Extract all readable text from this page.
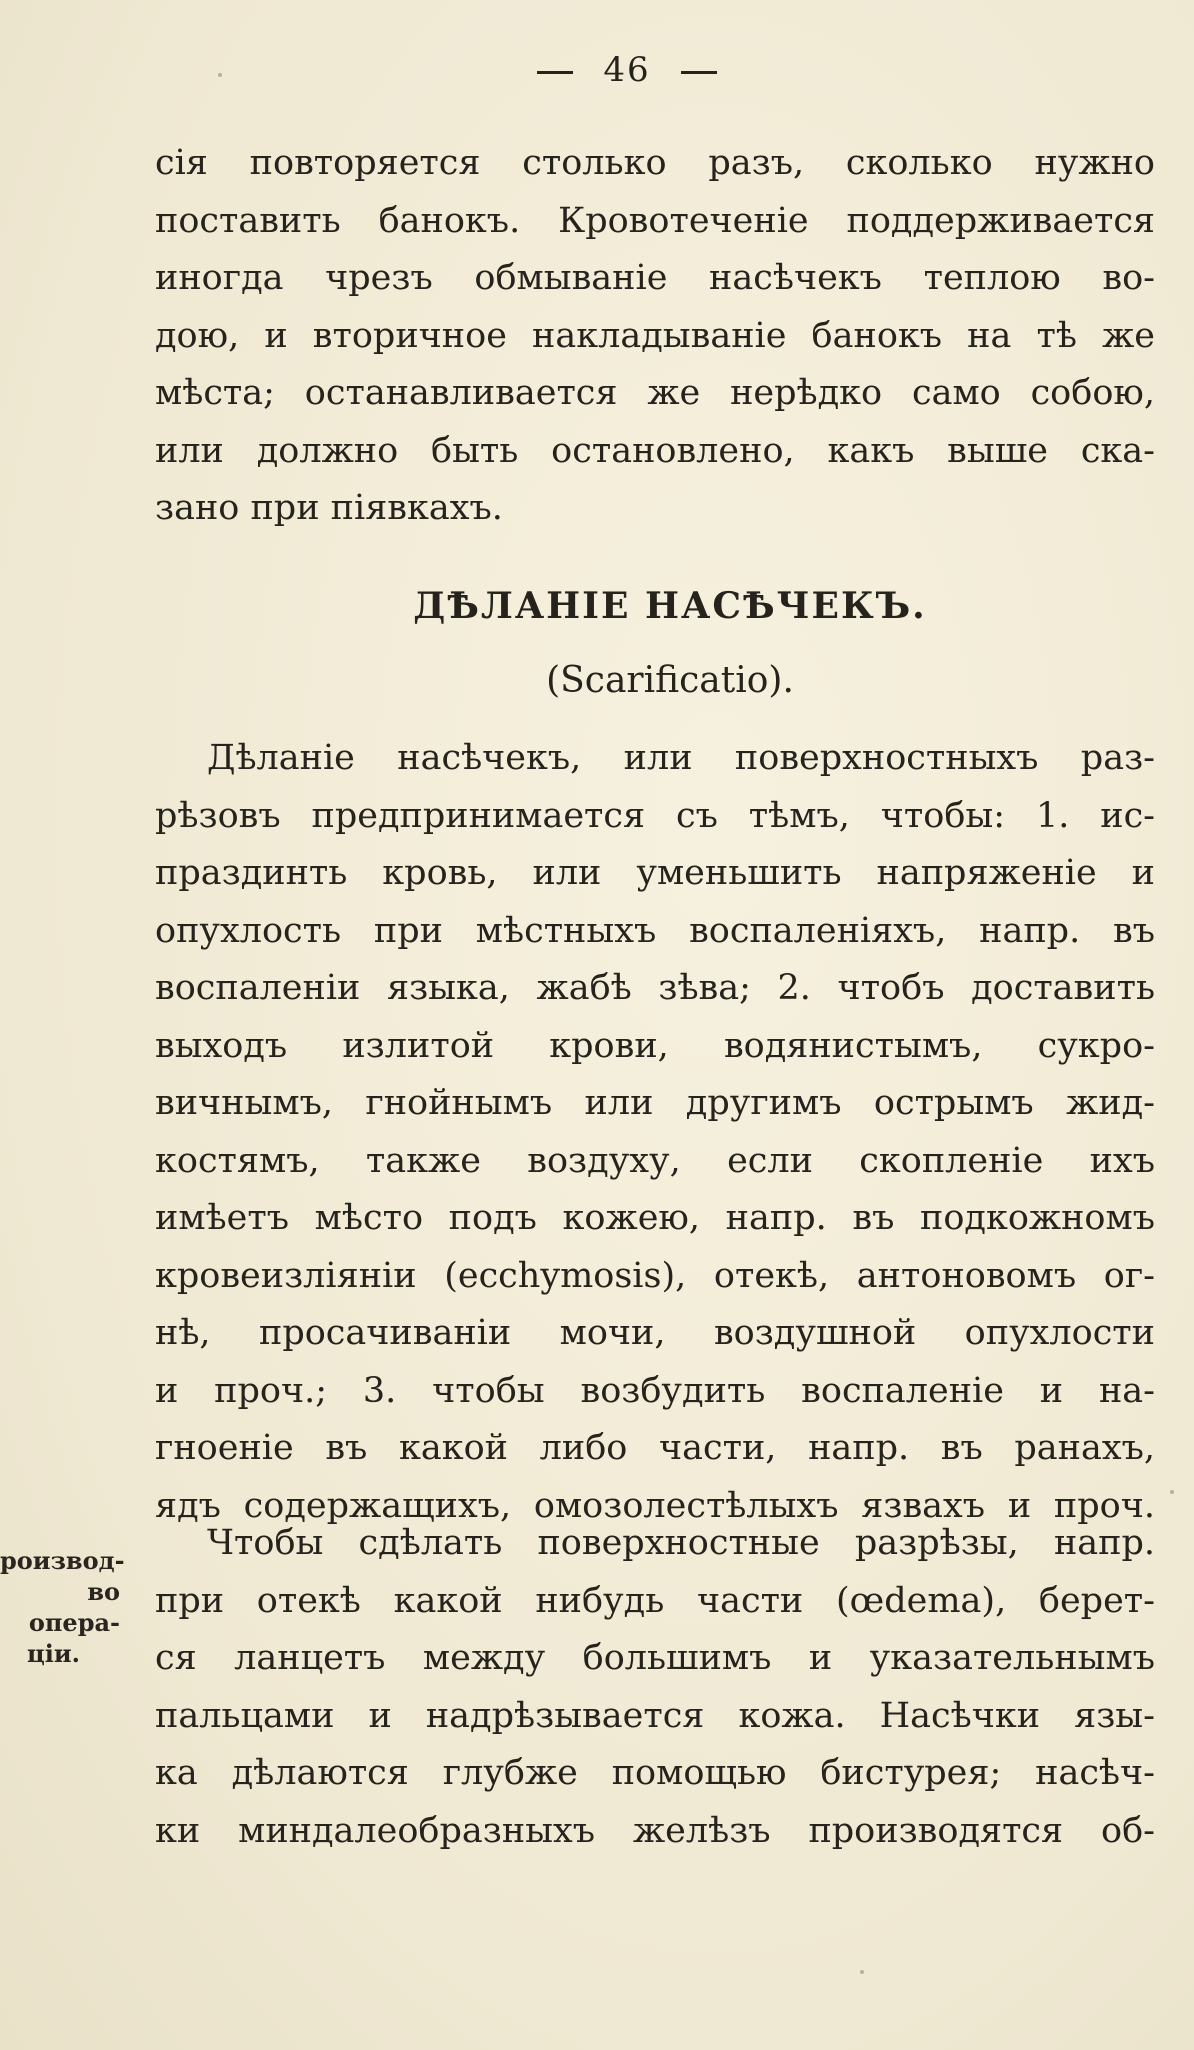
46
сія повторяется столько разъ, сколько нужно
поставить банокъ. Кровотеченіе поддерживается
иногда чрезъ обмываніе насѣчекъ теплою во-
дою, и вторичное накладываніе банокъ на тѣ же
мѣста; останавливается же нерѣдко само собою,
или должно быть остановлено, какъ выше ска-
зано при піявкахъ.
ДѢЛАНІЕ НАСѢЧЕКЪ.
(Scarificatio).
Дѣланіе насѣчекъ, или поверхностныхъ раз-
рѣзовъ предпринимается съ тѣмъ, чтобы: 1. ис-
праздинть кровь, или уменьшить напряженіе и
опухлость при мѣстныхъ воспаленіяхъ, напр. въ
воспаленіи языка, жабѣ зѣва; 2. чтобъ доставить
выходъ излитой крови, водянистымъ, сукро-
вичнымъ, гнойнымъ или другимъ острымъ жид-
костямъ, также воздуху, если скопленіе ихъ
имѣетъ мѣсто подъ кожею, напр. въ подкожномъ
кровеизліяніи (ecchymosis), отекѣ, антоновомъ ог-
нѣ, просачиваніи мочи, воздушной опухлости
и проч.; 3. чтобы возбудить воспаленіе и на-
гноеніе въ какой либо части, напр. въ ранахъ,
ядъ содержащихъ, омозолестѣлыхъ язвахъ и проч.
роизвод-
во опера-
ціи.
Чтобы сдѣлать поверхностные разрѣзы, напр.
при отекѣ какой нибудь части (œdema), берет-
ся ланцетъ между большимъ и указательнымъ
пальцами и надрѣзывается кожа. Насѣчки язы-
ка дѣлаются глубже помощью бистурея; насѣч-
ки миндалеобразныхъ желѣзъ производятся об-
